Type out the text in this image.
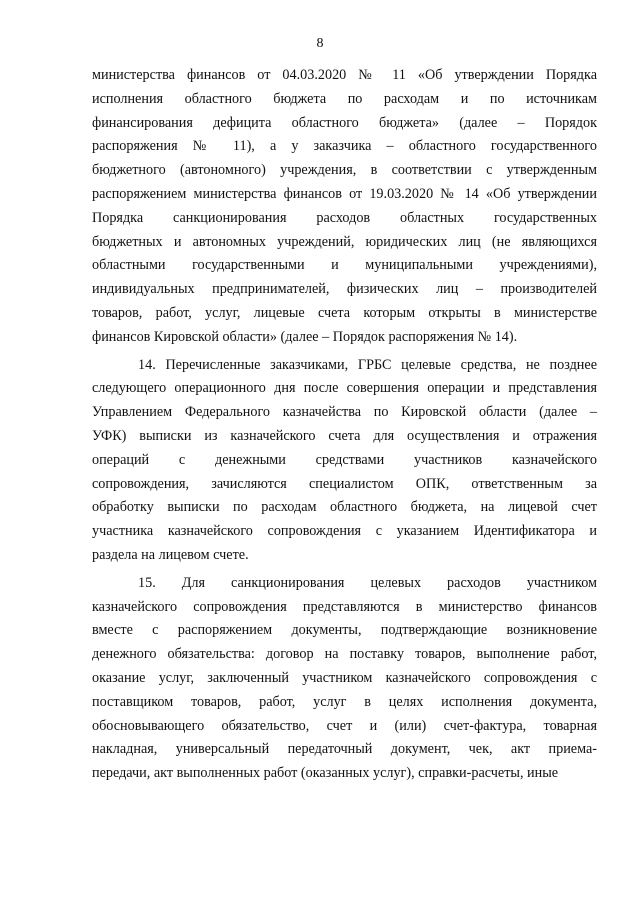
8
министерства финансов от 04.03.2020 № 11 «Об утверждении Порядка
исполнения областного бюджета по расходам и по источникам
финансирования дефицита областного бюджета» (далее – Порядок
распоряжения № 11), а у заказчика – областного государственного
бюджетного (автономного) учреждения, в соответствии с утвержденным
распоряжением министерства финансов от 19.03.2020 № 14 «Об утверждении
Порядка санкционирования расходов областных государственных
бюджетных и автономных учреждений, юридических лиц (не являющихся
областными государственными и муниципальными учреждениями),
индивидуальных предпринимателей, физических лиц – производителей
товаров, работ, услуг, лицевые счета которым открыты в министерстве
финансов Кировской области» (далее – Порядок распоряжения № 14).
14. Перечисленные заказчиками, ГРБС целевые средства, не позднее
следующего операционного дня после совершения операции и представления
Управлением Федерального казначейства по Кировской области (далее –
УФК) выписки из казначейского счета для осуществления и отражения
операций с денежными средствами участников казначейского
сопровождения, зачисляются специалистом ОПК, ответственным за
обработку выписки по расходам областного бюджета, на лицевой счет
участника казначейского сопровождения с указанием Идентификатора и
раздела на лицевом счете.
15. Для санкционирования целевых расходов участником
казначейского сопровождения представляются в министерство финансов
вместе с распоряжением документы, подтверждающие возникновение
денежного обязательства: договор на поставку товаров, выполнение работ,
оказание услуг, заключенный участником казначейского сопровождения с
поставщиком товаров, работ, услуг в целях исполнения документа,
обосновывающего обязательство, счет и (или) счет-фактура, товарная
накладная, универсальный передаточный документ, чек, акт приема-
передачи, акт выполненных работ (оказанных услуг), справки-расчеты, иные
